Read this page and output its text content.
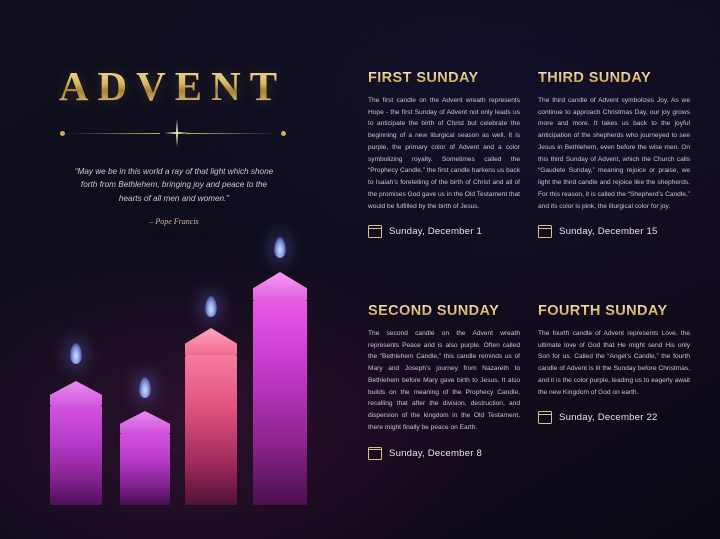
ADVENT
“May we be in this world a ray of that light which shone forth from Bethlehem, bringing joy and peace to the hearts of all men and women.”
– Pope Francis
FIRST SUNDAY
The first candle on the Advent wreath represents Hope - the first Sunday of Advent not only leads us to anticipate the birth of Christ but celebrate the beginning of a new liturgical season as well. It is purple, the primary color of Advent and a color symbolizing royalty. Sometimes called the “Prophecy Candle,” the first candle harkens us back to Isaiah’s foretelling of the birth of Christ and all of the promises God gave us in the Old Testament that would be fulfilled by the birth of Jesus.
Sunday, December 1
THIRD SUNDAY
The third candle of Advent symbolizes Joy. As we continue to approach Christmas Day, our joy grows more and more. It takes us back to the joyful anticipation of the shepherds who journeyed to see Jesus in Bethlehem, even before the wise men. On this third Sunday of Advent, which the Church calls “Gaudete Sunday,” meaning rejoice or praise, we light the third candle and rejoice like the shepherds. For this reason, it is called the “Shepherd’s Candle,” and its color is pink, the liturgical color for joy.
Sunday, December 15
SECOND SUNDAY
The second candle on the Advent wreath represents Peace and is also purple. Often called the “Bethlehem Candle,” this candle reminds us of Mary and Joseph’s journey from Nazareth to Bethlehem before Mary gave birth to Jesus. It also builds on the meaning of the Prophecy Candle, recalling that after the division, destruction, and dispersion of the kingdom in the Old Testament, there might finally be peace on Earth.
Sunday, December 8
FOURTH SUNDAY
The fourth candle of Advent represents Love, the ultimate love of God that He might send His only Son for us. Called the “Angel’s Candle,” the fourth candle of Advent is lit the Sunday before Christmas, and it is the color purple, leading us to eagerly await the new Kingdom of God on earth.
Sunday, December 22
